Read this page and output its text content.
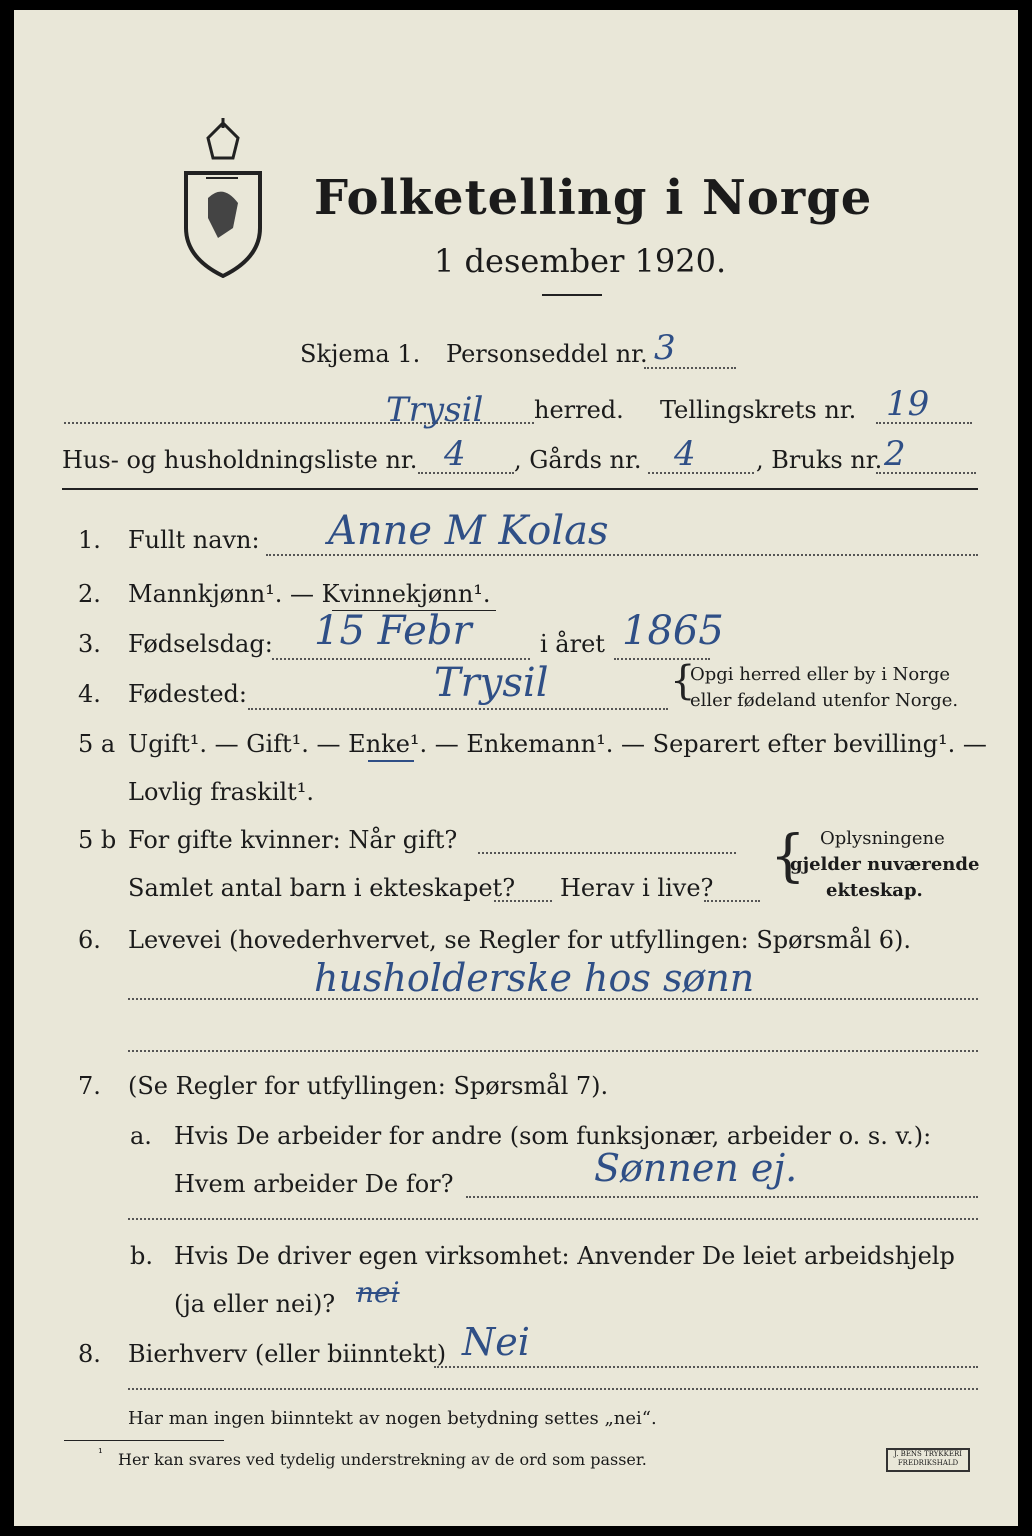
Folketelling i Norge
1 desember 1920.
Skjema 1. Personseddel nr. 3
Trysil herred. Tellingskrets nr. 19
Hus- og husholdningsliste nr. 4 , Gårds nr. 4	, Bruks nr. 2
1. Fullt navn: Anne M Kolas
2. Mannkjønn¹. — Kvinnekjønn¹.
3. Fødselsdag: 15 Febr	i året 1865
4. Fødested:	Trysil	{
Opgi herred eller by i Norge
eller fødeland utenfor Norge.
5 a Ugift¹. — Gift¹. — Enke¹. — Enkemann¹. — Separert efter bevilling¹. —
Lovlig fraskilt¹.
5 b For gifte kvinner: Når gift?
Samlet antal barn i ekteskapet? Herav i live? { Oplysningene
gjelder nuværende
ekteskap.
6. Levevei (hovederhvervet, se Regler for utfyllingen: Spørsmål 6).
husholderske hos sønn
7. (Se Regler for utfyllingen: Spørsmål 7).
a. Hvis De arbeider for andre (som funksjonær, arbeider o. s. v.):
Hvem arbeider De for?	Sønnen ej.
b. Hvis De driver egen virksomhet: Anvender De leiet arbeidshjelp
(ja eller nei)? nei
8. Bierhverv (eller biinntekt) Nei
Har man ingen biinntekt av nogen betydning settes „nei“.
¹ Her kan svares ved tydelig understrekning av de ord som passer.	J. BENS TRYKKERI FREDRIKSHALD
